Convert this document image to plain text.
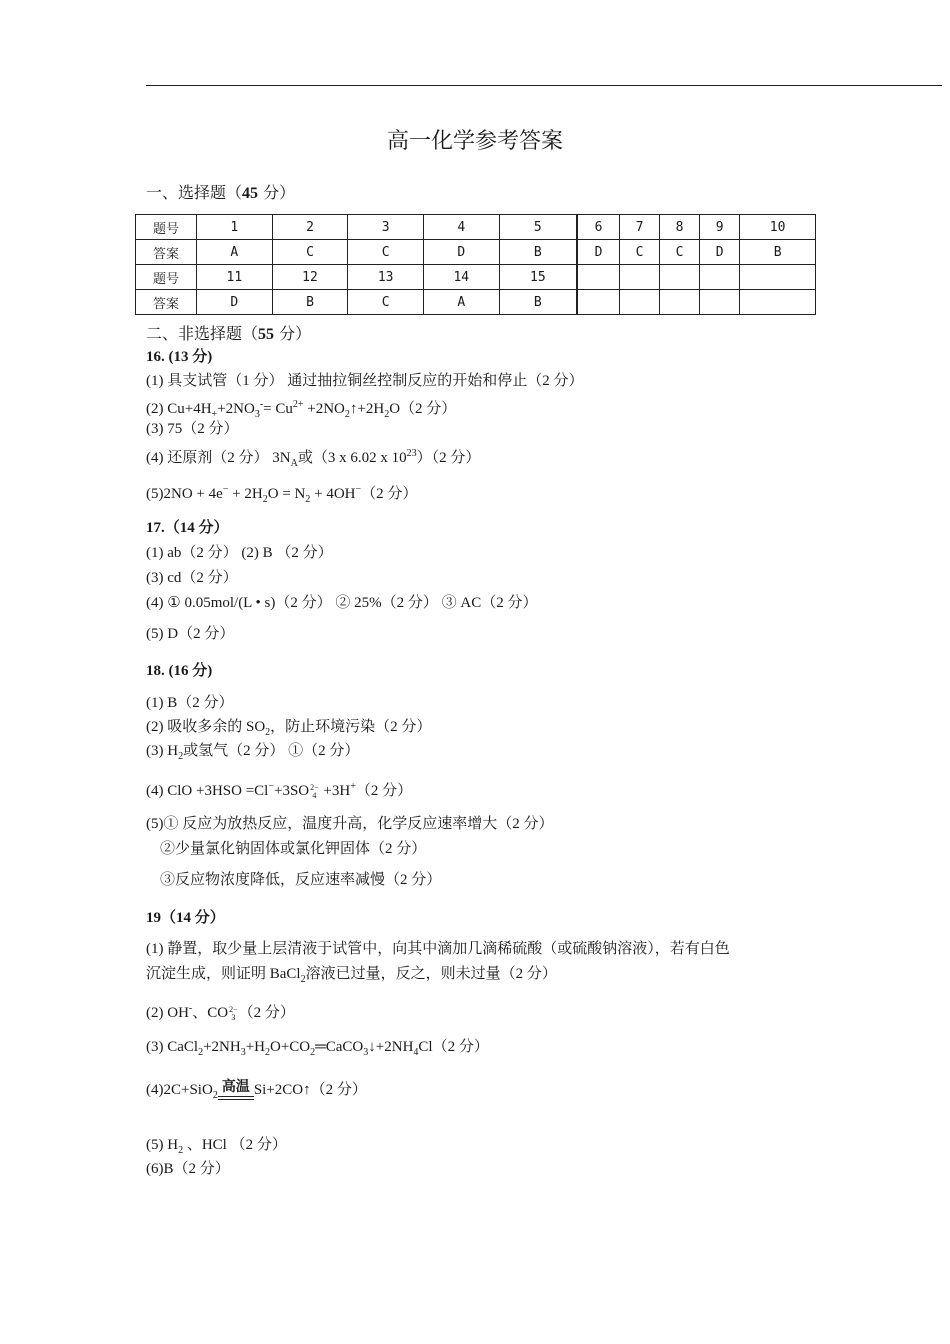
高一化学参考答案
一、选择题（45 分）
题号	1	2	3	4	5	6	7	8	9	10
答案	A	C	C	D	B	D	C	C	D	B
题号	11	12	13	14	15					
答案	D	B	C	A	B					
二、非选择题（55 分）
16. (13 分)
(1) 具支试管（1 分） 通过抽拉铜丝控制反应的开始和停止（2 分）
(2) $Cu+4H_++2NO_3^-= Cu^{2+}$ $+2NO_2↑+2H_2O(2$ 分）
(3) 75（2 分）
(4) 还原剂（2 分） $3N_A$或（3 x 6.02 x $10^{23})(2$ 分）
$(5)2NO + 4e^- + 2H_2O = N_2 + 4OH^-(2$ 分）
17.（14 分）
(1) ab（2 分） (2) B （2 分）
(3) cd（2 分）
(4) ① 0.05mol/(L • s)（2 分） ② 25%（2 分） ③ AC（2 分）
(5) D（2 分）
18. (16 分)
(1) B（2 分）
(2) 吸收多余的 $SO_2$，防止环境污染（2 分）
(3) $H_2$或氢气（2 分） ①（2 分）
(4) ClO +3HSO =Cl−+3SO2−
4 +3H+（2 分）
(5)① 反应为放热反应，温度升高，化学反应速率增大（2 分）
②少量氯化钠固体或氯化钾固体（2 分）
③反应物浓度降低，反应速率减慢（2 分）
19（14 分）
(1) 静置，取少量上层清液于试管中，向其中滴加几滴稀硫酸（或硫酸钠溶液），若有白色
沉淀生成，则证明 BaCl$_2$溶液已过量，反之，则未过量（2 分）
(2) OH-、CO2−
3 （2 分）
(3) $CaCl_2+2NH_3+H_2O+CO_2═CaCO_3↓+2NH_4Cl(2$ 分）
(4)2C+SiO$_2$
高温 Si+2CO↑（2 分）
(5) $H_2$ 、HCl （2 分）
(6)B（2 分）
